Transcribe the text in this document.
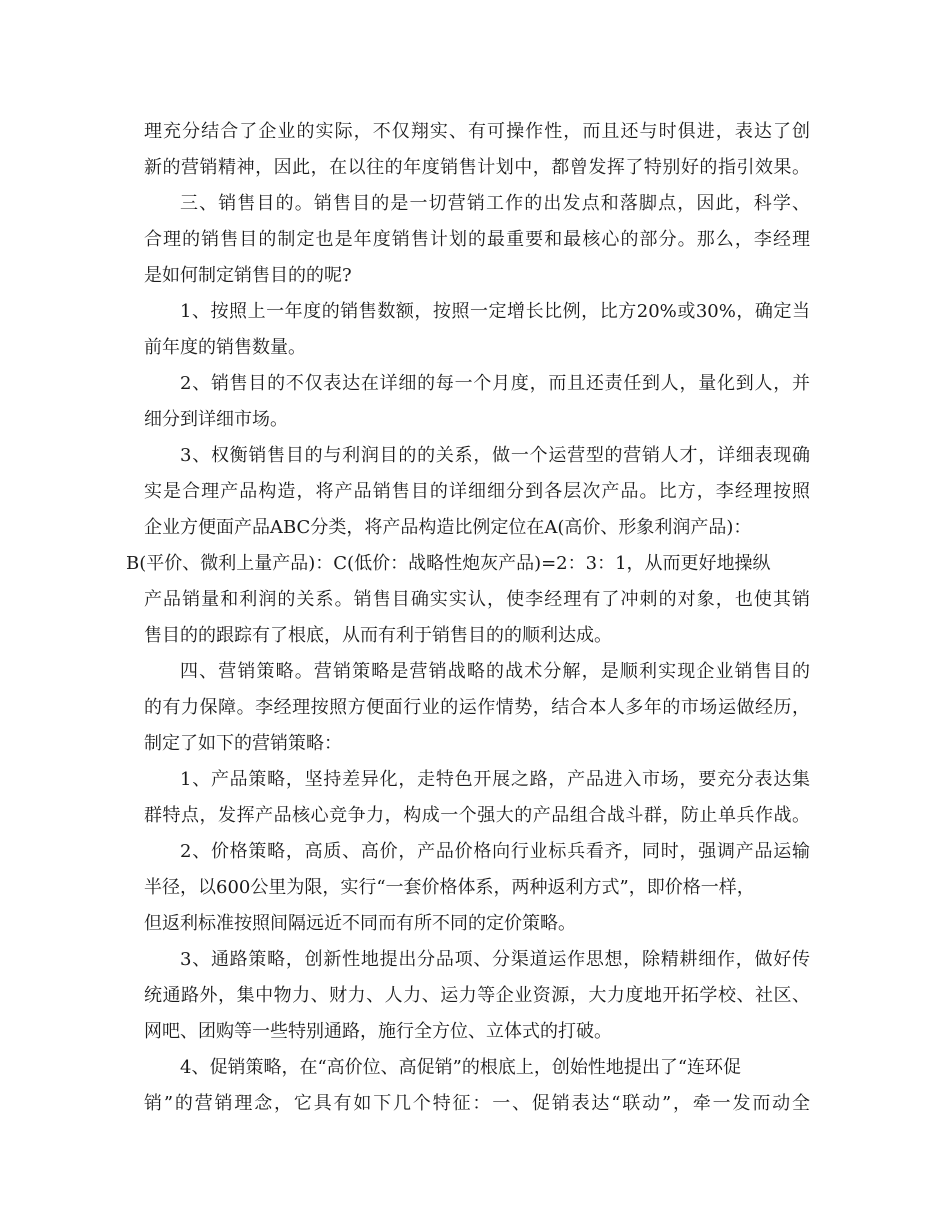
理充分结合了企业的实际，不仅翔实、有可操作性，而且还与时俱进，表达了创
新的营销精神，因此，在以往的年度销售计划中，都曾发挥了特别好的指引效果。
三、销售目的。销售目的是一切营销工作的出发点和落脚点，因此，科学、
合理的销售目的制定也是年度销售计划的最重要和最核心的部分。那么，李经理
是如何制定销售目的的呢?
1、按照上一年度的销售数额，按照一定增长比例，比方20%或30%，确定当
前年度的销售数量。
2、销售目的不仅表达在详细的每一个月度，而且还责任到人，量化到人，并
细分到详细市场。
3、权衡销售目的与利润目的的关系，做一个运营型的营销人才，详细表现确
实是合理产品构造，将产品销售目的详细细分到各层次产品。比方，李经理按照
企业方便面产品ABC分类，将产品构造比例定位在A(高价、形象利润产品)：
B(平价、微利上量产品)：C(低价：战略性炮灰产品)=2：3：1，从而更好地操纵
产品销量和利润的关系。销售目确实实认，使李经理有了冲刺的对象，也使其销
售目的的跟踪有了根底，从而有利于销售目的的顺利达成。
四、营销策略。营销策略是营销战略的战术分解，是顺利实现企业销售目的
的有力保障。李经理按照方便面行业的运作情势，结合本人多年的市场运做经历，
制定了如下的营销策略：
1、产品策略，坚持差异化，走特色开展之路，产品进入市场，要充分表达集
群特点，发挥产品核心竞争力，构成一个强大的产品组合战斗群，防止单兵作战。
2、价格策略，高质、高价，产品价格向行业标兵看齐，同时，强调产品运输
半径，以600公里为限，实行“一套价格体系，两种返利方式”，即价格一样，
但返利标准按照间隔远近不同而有所不同的定价策略。
3、通路策略，创新性地提出分品项、分渠道运作思想，除精耕细作，做好传
统通路外，集中物力、财力、人力、运力等企业资源，大力度地开拓学校、社区、
网吧、团购等一些特别通路，施行全方位、立体式的打破。
4、促销策略，在“高价位、高促销”的根底上，创始性地提出了“连环促
销”的营销理念，它具有如下几个特征：一、促销表达“联动”，牵一发而动全
